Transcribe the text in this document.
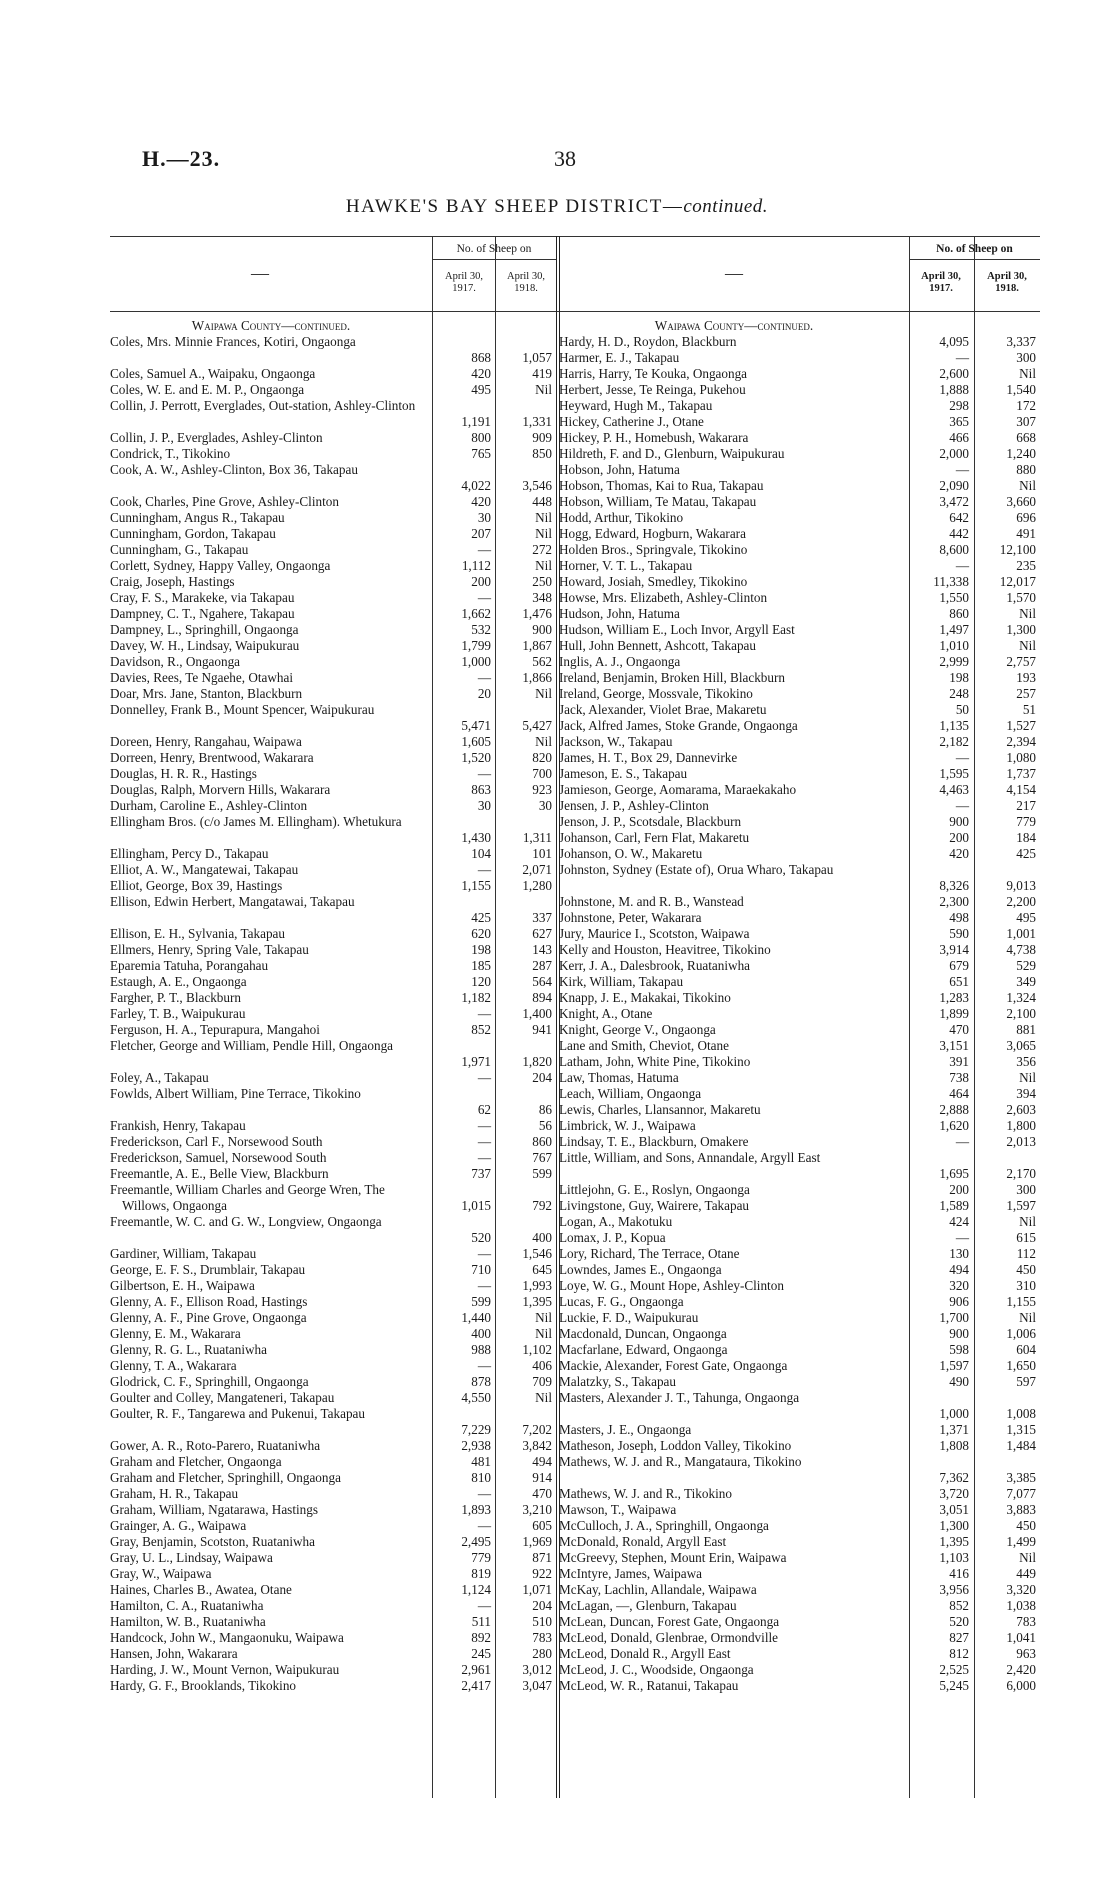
H.—23.	38
HAWKE'S BAY SHEEP DISTRICT—continued.
—
No. of Sheep on
April 30, 1917.
April 30, 1918.
Waipawa County—continued.
Coles, Mrs. Minnie Frances, Kotiri, Ongaonga
868 1,057
Coles, Samuel A., Waipaku, Ongaonga	420	419
Coles, W. E. and E. M. P., Ongaonga	495	Nil
Collin, J. Perrott, Everglades, Out-station, Ashley-Clinton
1,191 1,331
Collin, J. P., Everglades, Ashley-Clinton	800	909
Condrick, T., Tikokino	765	850
Cook, A. W., Ashley-Clinton, Box 36, Takapau
4,022 3,546
Cook, Charles, Pine Grove, Ashley-Clinton	420	448
Cunningham, Angus R., Takapau	30	Nil
Cunningham, Gordon, Takapau	207	Nil
Cunningham, G., Takapau	—	272
Corlett, Sydney, Happy Valley, Ongaonga	1,112	Nil
Craig, Joseph, Hastings	200	250
Cray, F. S., Marakeke, via Takapau	—	348
Dampney, C. T., Ngahere, Takapau	1,662 1,476
Dampney, L., Springhill, Ongaonga	532	900
Davey, W. H., Lindsay, Waipukurau	1,799 1,867
Davidson, R., Ongaonga	1,000	562
Davies, Rees, Te Ngaehe, Otawhai	— 1,866
Doar, Mrs. Jane, Stanton, Blackburn	20	Nil
Donnelley, Frank B., Mount Spencer, Waipukurau
5,471 5,427
Doreen, Henry, Rangahau, Waipawa	1,605	Nil
Dorreen, Henry, Brentwood, Wakarara	1,520	820
Douglas, H. R. R., Hastings	—	700
Douglas, Ralph, Morvern Hills, Wakarara	863	923
Durham, Caroline E., Ashley-Clinton	30	30
Ellingham Bros. (c/o James M. Ellingham). Whetukura
1,430 1,311
Ellingham, Percy D., Takapau	104	101
Elliot, A. W., Mangatewai, Takapau	— 2,071
Elliot, George, Box 39, Hastings	1,155 1,280
Ellison, Edwin Herbert, Mangatawai, Takapau
425	337
Ellison, E. H., Sylvania, Takapau	620	627
Ellmers, Henry, Spring Vale, Takapau	198	143
Eparemia Tatuha, Porangahau	185	287
Estaugh, A. E., Ongaonga	120	564
Fargher, P. T., Blackburn	1,182	894
Farley, T. B., Waipukurau	— 1,400
Ferguson, H. A., Tepurapura, Mangahoi	852	941
Fletcher, George and William, Pendle Hill, Ongaonga
1,971 1,820
Foley, A., Takapau	—	204
Fowlds, Albert William, Pine Terrace, Tikokino
62	86
Frankish, Henry, Takapau	—	56
Frederickson, Carl F., Norsewood South	—	860
Frederickson, Samuel, Norsewood South	—	767
Freemantle, A. E., Belle View, Blackburn	737	599
Freemantle, William Charles and George Wren, The Willows, Ongaonga	1,015	792
Freemantle, W. C. and G. W., Longview, Ongaonga
520	400
Gardiner, William, Takapau	— 1,546
George, E. F. S., Drumblair, Takapau	710	645
Gilbertson, E. H., Waipawa	— 1,993
Glenny, A. F., Ellison Road, Hastings	599 1,395
Glenny, A. F., Pine Grove, Ongaonga	1,440	Nil
Glenny, E. M., Wakarara	400	Nil
Glenny, R. G. L., Ruataniwha	988 1,102
Glenny, T. A., Wakarara	—	406
Glodrick, C. F., Springhill, Ongaonga	878	709
Goulter and Colley, Mangateneri, Takapau	4,550	Nil
Goulter, R. F., Tangarewa and Pukenui, Takapau
7,229 7,202
Gower, A. R., Roto-Parero, Ruataniwha	2,938 3,842
Graham and Fletcher, Ongaonga	481	494
Graham and Fletcher, Springhill, Ongaonga	810	914
Graham, H. R., Takapau	—	470
Graham, William, Ngatarawa, Hastings	1,893 3,210
Grainger, A. G., Waipawa	—	605
Gray, Benjamin, Scotston, Ruataniwha	2,495 1,969
Gray, U. L., Lindsay, Waipawa	779	871
Gray, W., Waipawa	819	922
Haines, Charles B., Awatea, Otane	1,124 1,071
Hamilton, C. A., Ruataniwha	—	204
Hamilton, W. B., Ruataniwha	511	510
Handcock, John W., Mangaonuku, Waipawa	892	783
Hansen, John, Wakarara	245	280
Harding, J. W., Mount Vernon, Waipukurau	2,961 3,012
Hardy, G. F., Brooklands, Tikokino	2,417 3,047
—
No. of Sheep on
April 30, 1917.
April 30, 1918.
Waipawa County—continued.
Hardy, H. D., Roydon, Blackburn	4,095	3,337
Harmer, E. J., Takapau	—	300
Harris, Harry, Te Kouka, Ongaonga	2,600	Nil
Herbert, Jesse, Te Reinga, Pukehou	1,888	1,540
Heyward, Hugh M., Takapau	298	172
Hickey, Catherine J., Otane	365	307
Hickey, P. H., Homebush, Wakarara	466	668
Hildreth, F. and D., Glenburn, Waipukurau	2,000	1,240
Hobson, John, Hatuma	—	880
Hobson, Thomas, Kai to Rua, Takapau	2,090	Nil
Hobson, William, Te Matau, Takapau	3,472	3,660
Hodd, Arthur, Tikokino	642	696
Hogg, Edward, Hogburn, Wakarara	442	491
Holden Bros., Springvale, Tikokino	8,600 12,100
Horner, V. T. L., Takapau	—	235
Howard, Josiah, Smedley, Tikokino	11,338 12,017
Howse, Mrs. Elizabeth, Ashley-Clinton	1,550	1,570
Hudson, John, Hatuma	860	Nil
Hudson, William E., Loch Invor, Argyll East	1,497	1,300
Hull, John Bennett, Ashcott, Takapau	1,010	Nil
Inglis, A. J., Ongaonga	2,999	2,757
Ireland, Benjamin, Broken Hill, Blackburn	198	193
Ireland, George, Mossvale, Tikokino	248	257
Jack, Alexander, Violet Brae, Makaretu	50	51
Jack, Alfred James, Stoke Grande, Ongaonga	1,135	1,527
Jackson, W., Takapau	2,182	2,394
James, H. T., Box 29, Dannevirke	—	1,080
Jameson, E. S., Takapau	1,595	1,737
Jamieson, George, Aomarama, Maraekakaho	4,463	4,154
Jensen, J. P., Ashley-Clinton	—	217
Jenson, J. P., Scotsdale, Blackburn	900	779
Johanson, Carl, Fern Flat, Makaretu	200	184
Johanson, O. W., Makaretu	420	425
Johnston, Sydney (Estate of), Orua Wharo, Takapau
8,326	9,013
Johnstone, M. and R. B., Wanstead	2,300	2,200
Johnstone, Peter, Wakarara	498	495
Jury, Maurice I., Scotston, Waipawa	590	1,001
Kelly and Houston, Heavitree, Tikokino	3,914	4,738
Kerr, J. A., Dalesbrook, Ruataniwha	679	529
Kirk, William, Takapau	651	349
Knapp, J. E., Makakai, Tikokino	1,283	1,324
Knight, A., Otane	1,899	2,100
Knight, George V., Ongaonga	470	881
Lane and Smith, Cheviot, Otane	3,151	3,065
Latham, John, White Pine, Tikokino	391	356
Law, Thomas, Hatuma	738	Nil
Leach, William, Ongaonga	464	394
Lewis, Charles, Llansannor, Makaretu	2,888	2,603
Limbrick, W. J., Waipawa	1,620	1,800
Lindsay, T. E., Blackburn, Omakere	—	2,013
Little, William, and Sons, Annandale, Argyll East
1,695	2,170
Littlejohn, G. E., Roslyn, Ongaonga	200	300
Livingstone, Guy, Wairere, Takapau	1,589	1,597
Logan, A., Makotuku	424	Nil
Lomax, J. P., Kopua	—	615
Lory, Richard, The Terrace, Otane	130	112
Lowndes, James E., Ongaonga	494	450
Loye, W. G., Mount Hope, Ashley-Clinton	320	310
Lucas, F. G., Ongaonga	906	1,155
Luckie, F. D., Waipukurau	1,700	Nil
Macdonald, Duncan, Ongaonga	900	1,006
Macfarlane, Edward, Ongaonga	598	604
Mackie, Alexander, Forest Gate, Ongaonga	1,597	1,650
Malatzky, S., Takapau	490	597
Masters, Alexander J. T., Tahunga, Ongaonga
1,000	1,008
Masters, J. E., Ongaonga	1,371	1,315
Matheson, Joseph, Loddon Valley, Tikokino	1,808	1,484
Mathews, W. J. and R., Mangataura, Tikokino
7,362	3,385
Mathews, W. J. and R., Tikokino	3,720	7,077
Mawson, T., Waipawa	3,051	3,883
McCulloch, J. A., Springhill, Ongaonga	1,300	450
McDonald, Ronald, Argyll East	1,395	1,499
McGreevy, Stephen, Mount Erin, Waipawa	1,103	Nil
McIntyre, James, Waipawa	416	449
McKay, Lachlin, Allandale, Waipawa	3,956	3,320
McLagan, —, Glenburn, Takapau	852	1,038
McLean, Duncan, Forest Gate, Ongaonga	520	783
McLeod, Donald, Glenbrae, Ormondville	827	1,041
McLeod, Donald R., Argyll East	812	963
McLeod, J. C., Woodside, Ongaonga	2,525	2,420
McLeod, W. R., Ratanui, Takapau	5,245	6,000
